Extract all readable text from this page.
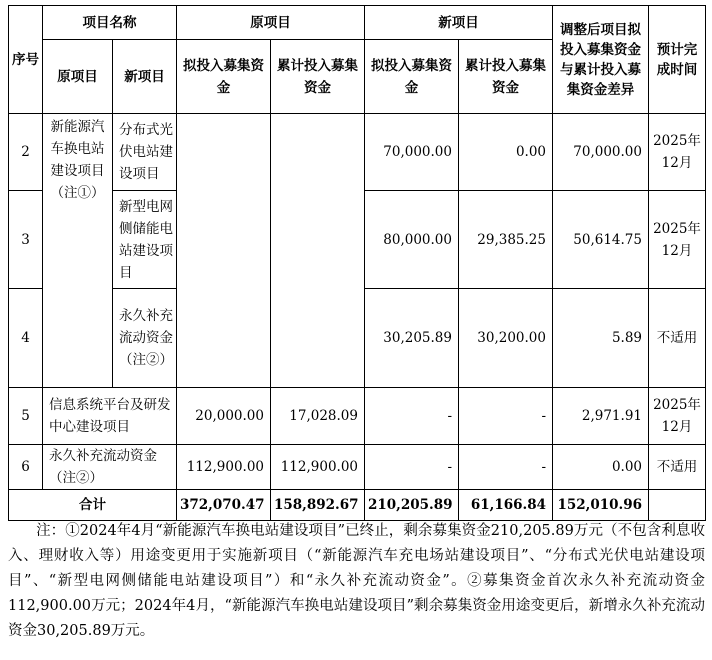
序号	项目名称		原项目		新项目		调整后项目拟投入募集资金与累计投入募集资金差异	预计完成时间
	原项目	新项目	拟投入募集资金	累计投入募集资金	拟投入募集资金	累计投入募集资金		
2	新能源汽车换电站建设项目（注①）	分布式光伏电站建设项目			70,000.00	0.00	70,000.00	2025年12月
3		新型电网侧储能电站建设项目			80,000.00	29,385.25	50,614.75	2025年12月
4		永久补充流动资金（注②）			30,205.89	30,200.00	5.89	不适用
5	信息系统平台及研发中心建设项目		20,000.00	17,028.09	-	-	2,971.91	2025年12月
6	永久补充流动资金（注②）		112,900.00	112,900.00	-	-	0.00	不适用
合计			372,070.47	158,892.67	210,205.89	61,166.84	152,010.96	
注：①2024年4月“新能源汽车换电站建设项目”已终止，剩余募集资金210,205.89万元（不包含利息收入、理财收入等）用途变更用于实施新项目（“新能源汽车充电场站建设项目”、“分布式光伏电站建设项目”、“新型电网侧储能电站建设项目”）和“永久补充流动资金”。②募集资金首次永久补充流动资金112,900.00万元；2024年4月，“新能源汽车换电站建设项目”剩余募集资金用途变更后，新增永久补充流动资金30,205.89万元。
